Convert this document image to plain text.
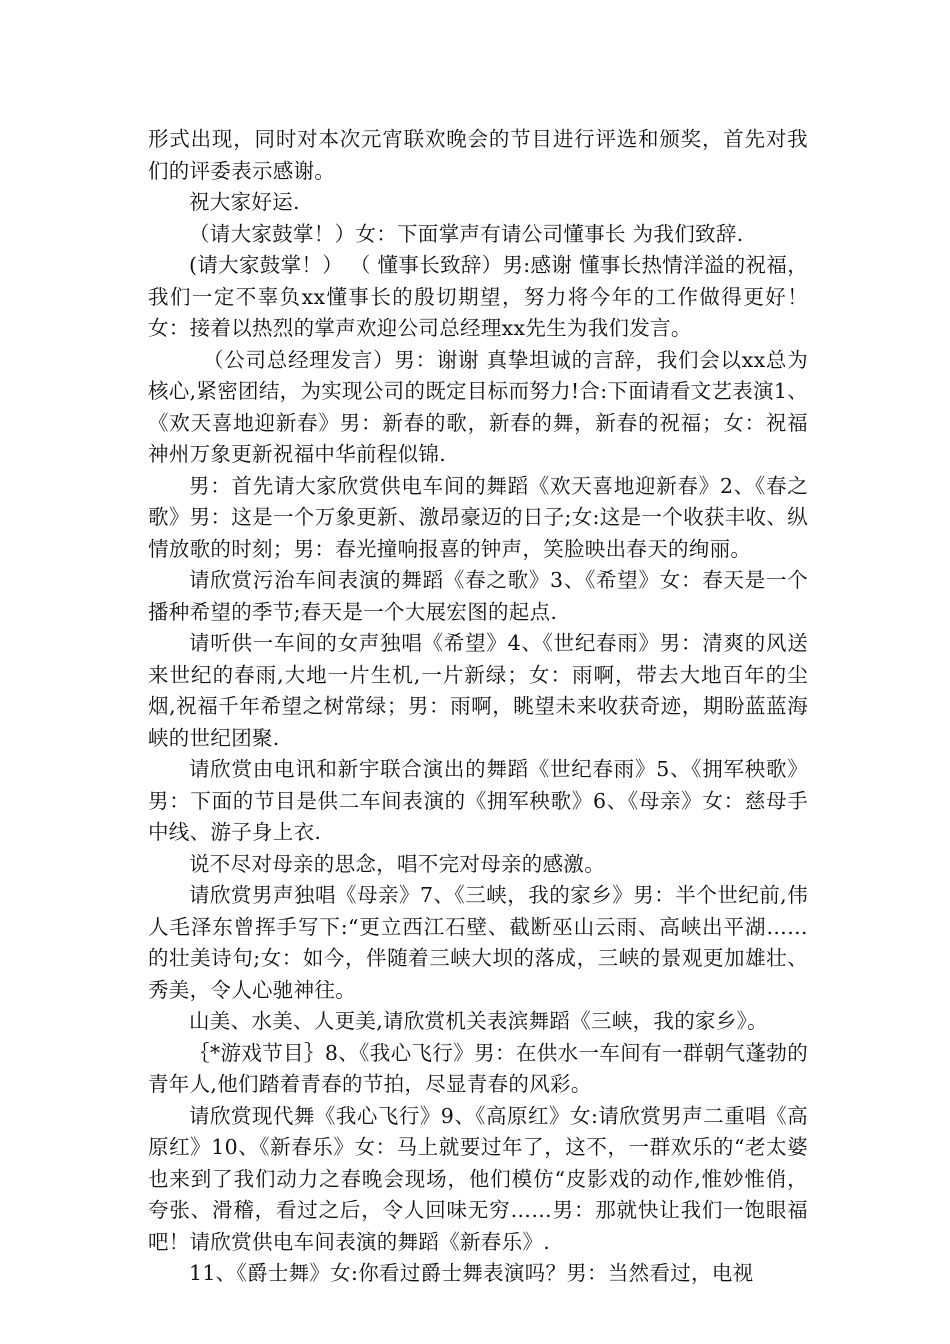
形式出现，同时对本次元宵联欢晚会的节目进行评选和颁奖，首先对我们的评委表示感谢。

祝大家好运.

（请大家鼓掌！）女：下面掌声有请公司懂事长 为我们致辞.

(请大家鼓掌！） （ 懂事长致辞）男:感谢 懂事长热情洋溢的祝福，我们一定不辜负xx懂事长的殷切期望，努力将今年的工作做得更好！女：接着以热烈的掌声欢迎公司总经理xx先生为我们发言。

（公司总经理发言）男：谢谢 真挚坦诚的言辞，我们会以xx总为核心,紧密团结，为实现公司的既定目标而努力!合:下面请看文艺表演1、《欢天喜地迎新春》男：新春的歌，新春的舞，新春的祝福；女：祝福神州万象更新祝福中华前程似锦.

男：首先请大家欣赏供电车间的舞蹈《欢天喜地迎新春》2、《春之歌》男：这是一个万象更新、激昂豪迈的日子;女:这是一个收获丰收、纵情放歌的时刻；男：春光撞响报喜的钟声，笑脸映出春天的绚丽。

请欣赏污治车间表演的舞蹈《春之歌》3、《希望》女：春天是一个播种希望的季节;春天是一个大展宏图的起点.

请听供一车间的女声独唱《希望》4、《世纪春雨》男：清爽的风送来世纪的春雨,大地一片生机,一片新绿；女：雨啊，带去大地百年的尘烟,祝福千年希望之树常绿；男：雨啊，眺望未来收获奇迹，期盼蓝蓝海峡的世纪团聚.

请欣赏由电讯和新宇联合演出的舞蹈《世纪春雨》5、《拥军秧歌》男：下面的节目是供二车间表演的《拥军秧歌》6、《母亲》女：慈母手中线、游子身上衣.

说不尽对母亲的思念，唱不完对母亲的感激。

请欣赏男声独唱《母亲》7、《三峡，我的家乡》男：半个世纪前,伟人毛泽东曾挥手写下:“更立西江石壁、截断巫山云雨、高峡出平湖……的壮美诗句;女：如今，伴随着三峡大坝的落成，三峡的景观更加雄壮、秀美，令人心驰神往。

山美、水美、人更美,请欣赏机关表滨舞蹈《三峡，我的家乡》。

｛*游戏节目｝8、《我心飞行》男：在供水一车间有一群朝气蓬勃的青年人,他们踏着青春的节拍，尽显青春的风彩。

请欣赏现代舞《我心飞行》9、《高原红》女:请欣赏男声二重唱《高原红》10、《新春乐》女：马上就要过年了，这不，一群欢乐的“老太婆也来到了我们动力之春晚会现场，他们模仿“皮影戏的动作,惟妙惟俏，夸张、滑稽，看过之后，令人回味无穷……男：那就快让我们一饱眼福吧！请欣赏供电车间表演的舞蹈《新春乐》.

11、《爵士舞》女:你看过爵士舞表演吗？男：当然看过，电视
